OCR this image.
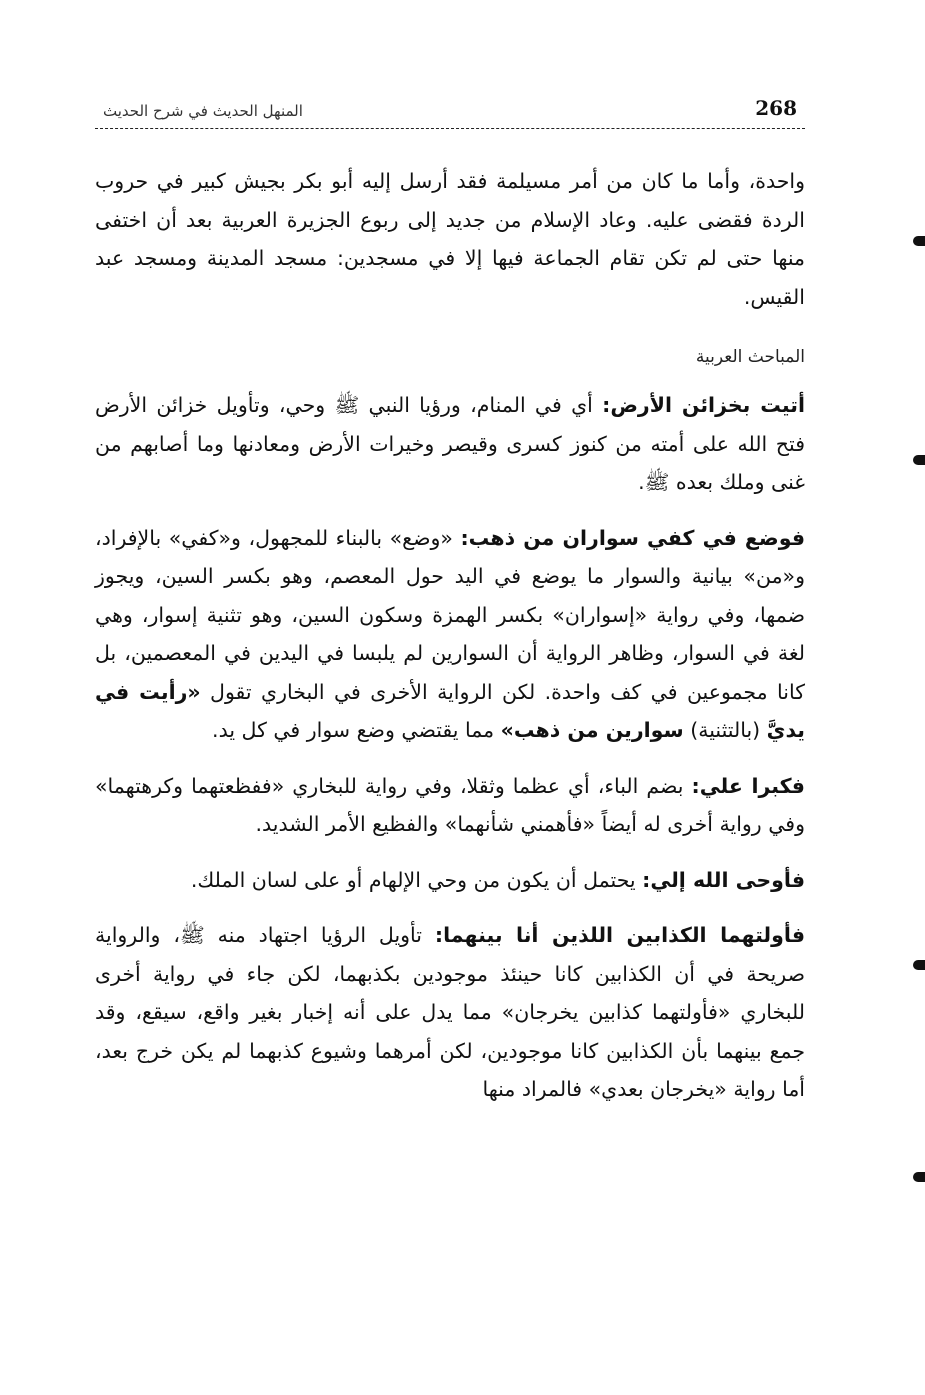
268
المنهل الحديث في شرح الحديث

واحدة، وأما ما كان من أمر مسيلمة فقد أرسل إليه أبو بكر بجيش كبير في حروب الردة فقضى عليه. وعاد الإسلام من جديد إلى ربوع الجزيرة العربية بعد أن اختفى منها حتى لم تكن تقام الجماعة فيها إلا في مسجدين: مسجد المدينة ومسجد عبد القيس.

المباحث العربية

أتيت بخزائن الأرض: أي في المنام، ورؤيا النبي ﷺ وحي، وتأويل خزائن الأرض فتح الله على أمته من كنوز كسرى وقيصر وخيرات الأرض ومعادنها وما أصابهم من غنى وملك بعده ﷺ.

فوضع في كفي سواران من ذهب: «وضع» بالبناء للمجهول، و«كفي» بالإفراد، و«من» بيانية والسوار ما يوضع في اليد حول المعصم، وهو بكسر السين، ويجوز ضمها، وفي رواية «إسواران» بكسر الهمزة وسكون السين، وهو تثنية إسوار، وهي لغة في السوار، وظاهر الرواية أن السوارين لم يلبسا في اليدين في المعصمين، بل كانا مجموعين في كف واحدة. لكن الرواية الأخرى في البخاري تقول «رأيت في يديَّ (بالتثنية) سوارين من ذهب» مما يقتضي وضع سوار في كل يد.

فكبرا علي: بضم الباء، أي عظما وثقلا، وفي رواية للبخاري «ففظعتهما وكرهتهما» وفي رواية أخرى له أيضاً «فأهمني شأنهما» والفظيع الأمر الشديد.

فأوحى الله إلي: يحتمل أن يكون من وحي الإلهام أو على لسان الملك.

فأولتهما الكذابين اللذين أنا بينهما: تأويل الرؤيا اجتهاد منه ﷺ، والرواية صريحة في أن الكذابين كانا حينئذ موجودين بكذبهما، لكن جاء في رواية أخرى للبخاري «فأولتهما كذابين يخرجان» مما يدل على أنه إخبار بغير واقع، سيقع، وقد جمع بينهما بأن الكذابين كانا موجودين، لكن أمرهما وشيوع كذبهما لم يكن خرج بعد، أما رواية «يخرجان بعدي» فالمراد منها
